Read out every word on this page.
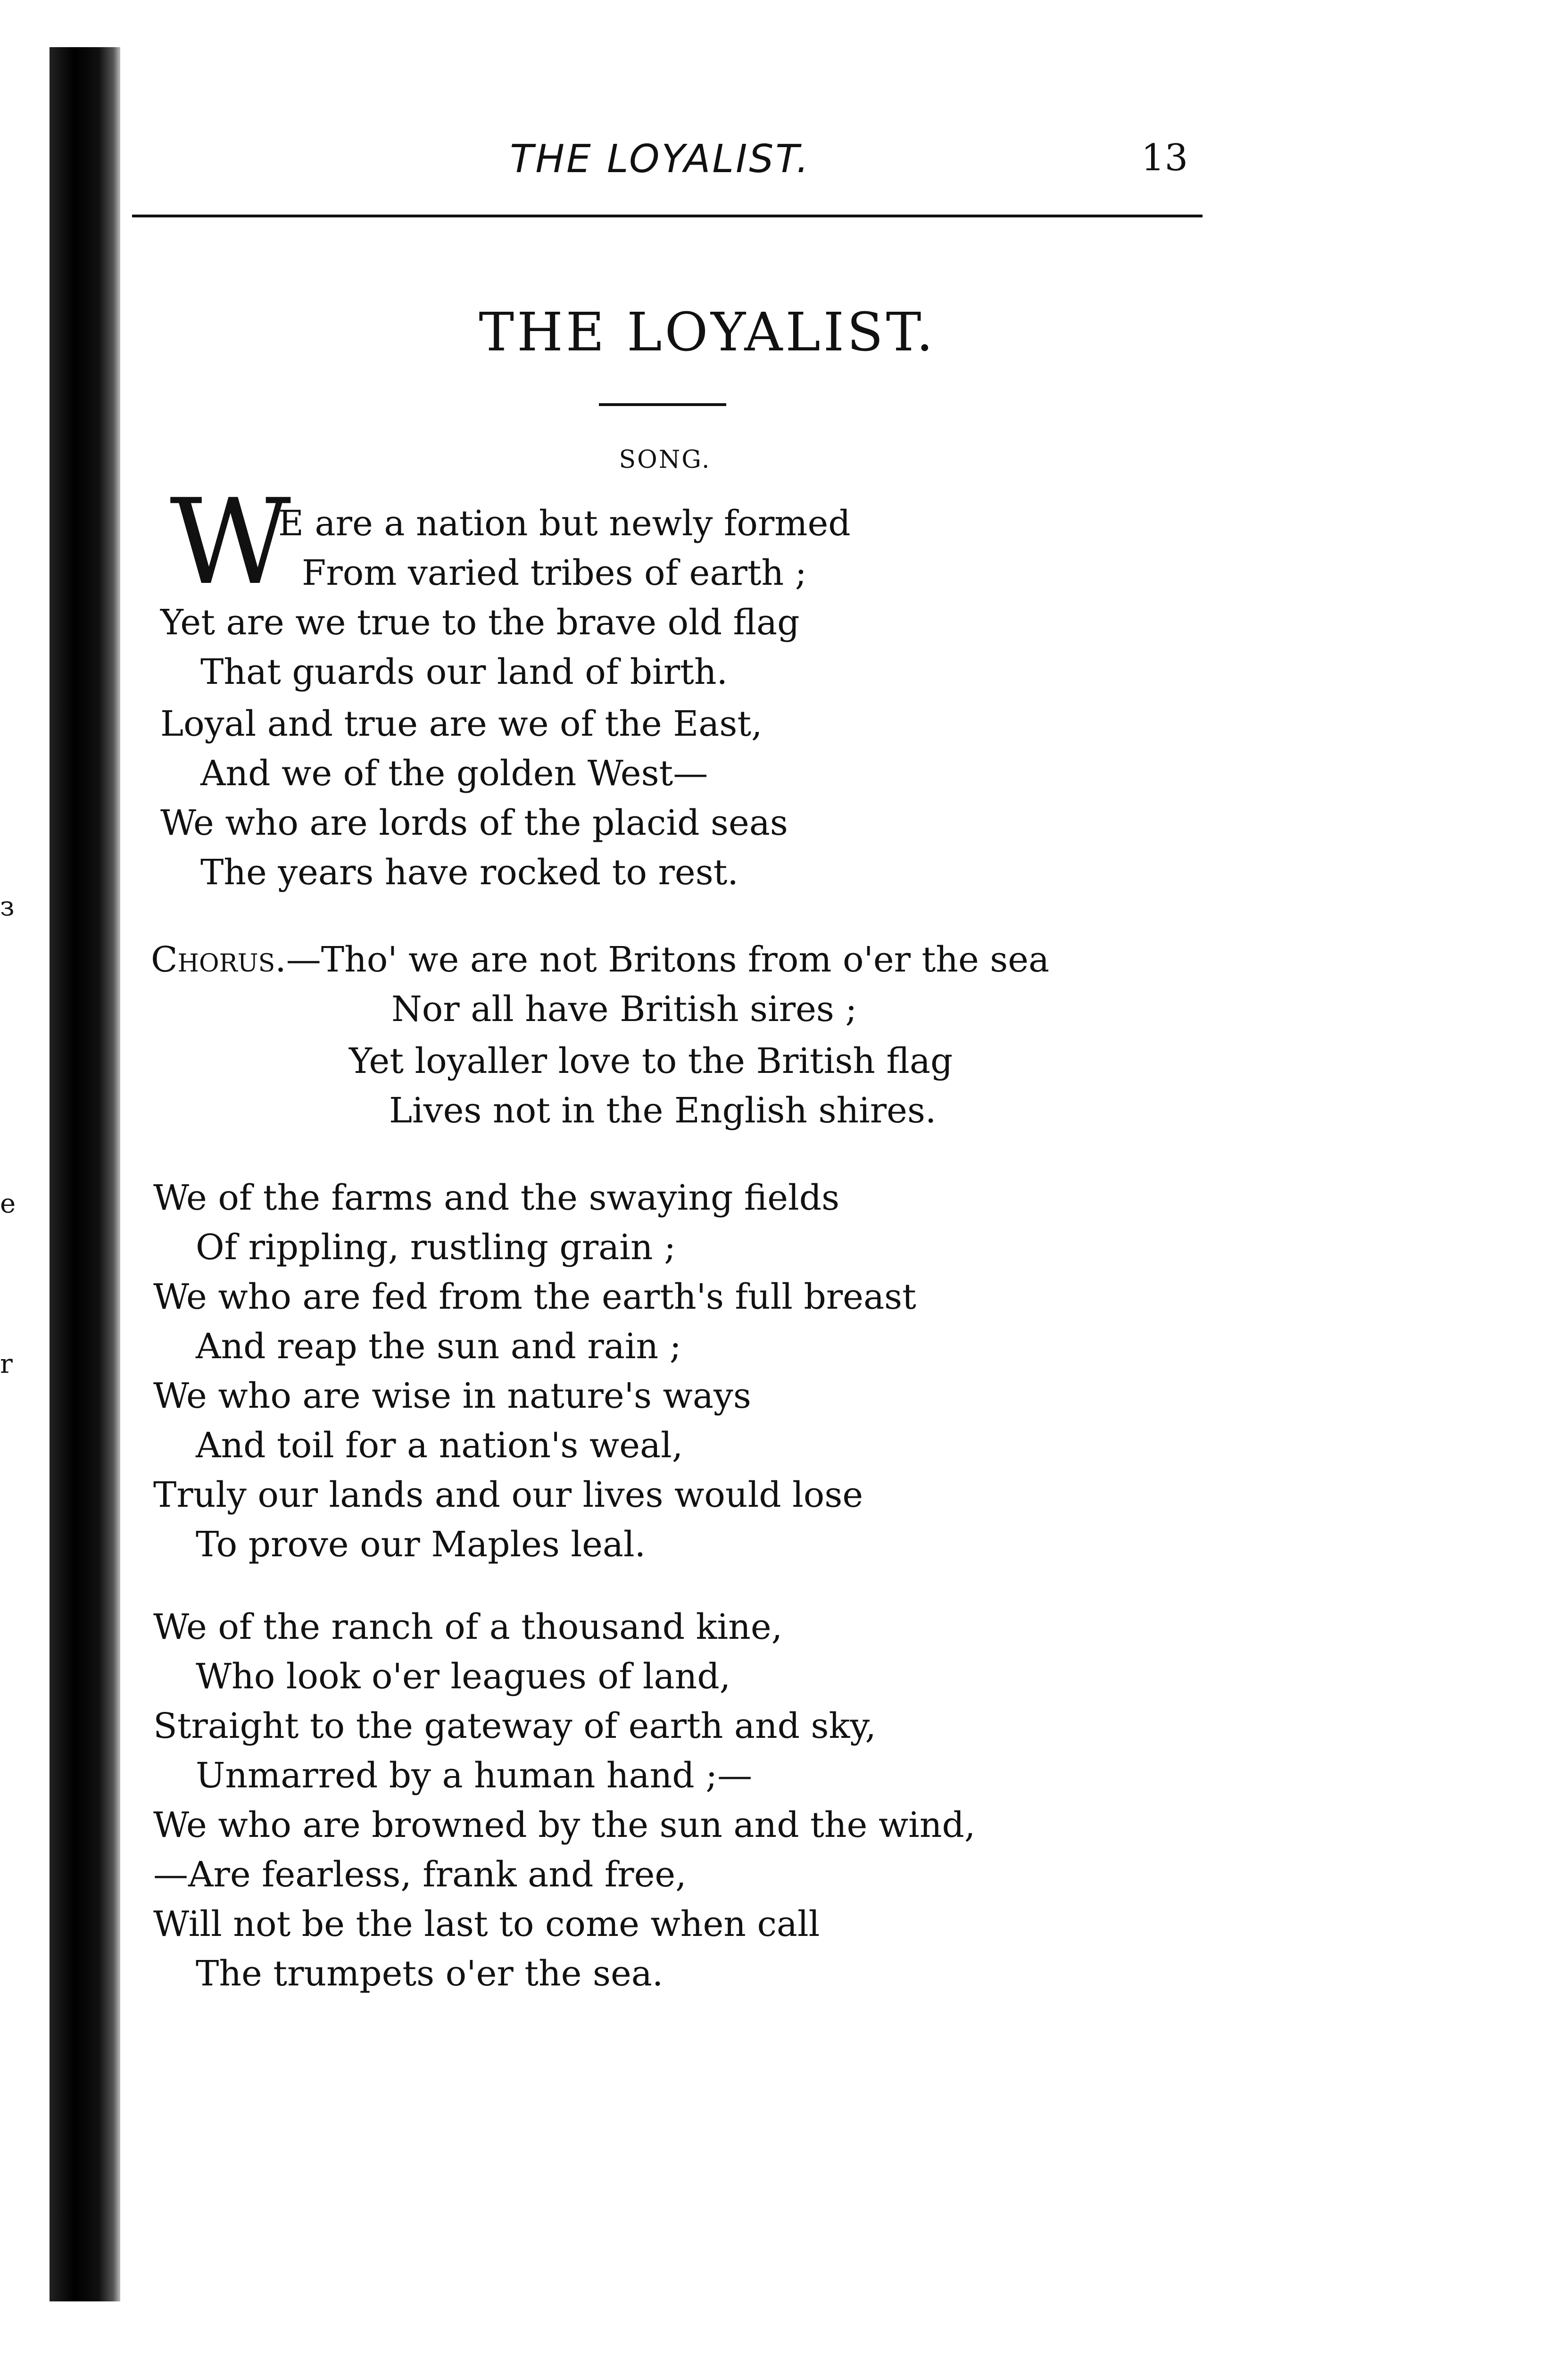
з
е
r
THE LOYALIST.	13
THE LOYALIST.
SONG.
W
E are a nation but newly formed
From varied tribes of earth ;
Yet are we true to the brave old flag
That guards our land of birth.
Loyal and true are we of the East,
And we of the golden West—
We who are lords of the placid seas
The years have rocked to rest.
Chorus.—Tho' we are not Britons from o'er the sea
Nor all have British sires ;
Yet loyaller love to the British flag
Lives not in the English shires.
We of the farms and the swaying fields
Of rippling, rustling grain ;
We who are fed from the earth's full breast
And reap the sun and rain ;
We who are wise in nature's ways
And toil for a nation's weal,
Truly our lands and our lives would lose
To prove our Maples leal.
We of the ranch of a thousand kine,
Who look o'er leagues of land,
Straight to the gateway of earth and sky,
Unmarred by a human hand ;—
We who are browned by the sun and the wind,
—Are fearless, frank and free,
Will not be the last to come when call
The trumpets o'er the sea.
